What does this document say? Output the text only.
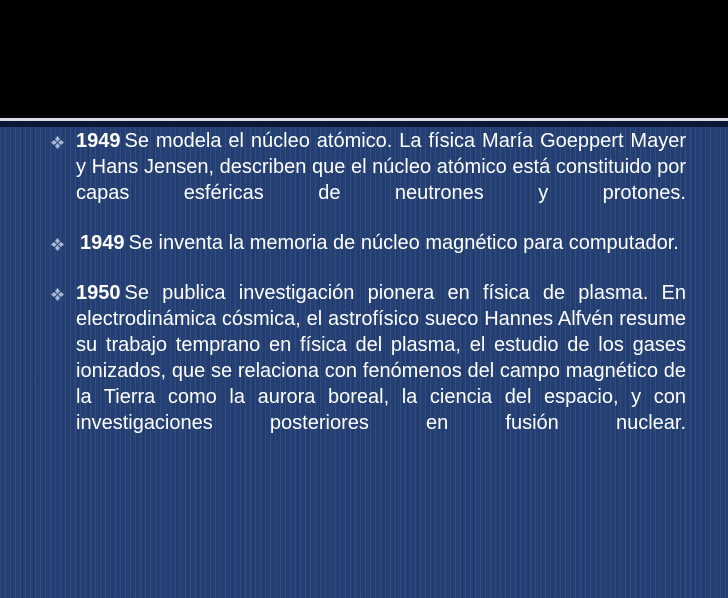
1949 Se modela el núcleo atómico. La física María Goeppert Mayer y Hans Jensen, describen que el núcleo atómico está constituido por capas esféricas de neutrones y protones.
1949 Se inventa la memoria de núcleo magnético para computador.
1950 Se publica investigación pionera en física de plasma. En electrodinámica cósmica, el astrofísico sueco Hannes Alfvén resume su trabajo temprano en física del plasma, el estudio de los gases ionizados, que se relaciona con fenómenos del campo magnético de la Tierra como la aurora boreal, la ciencia del espacio, y con investigaciones posteriores en fusión nuclear.
